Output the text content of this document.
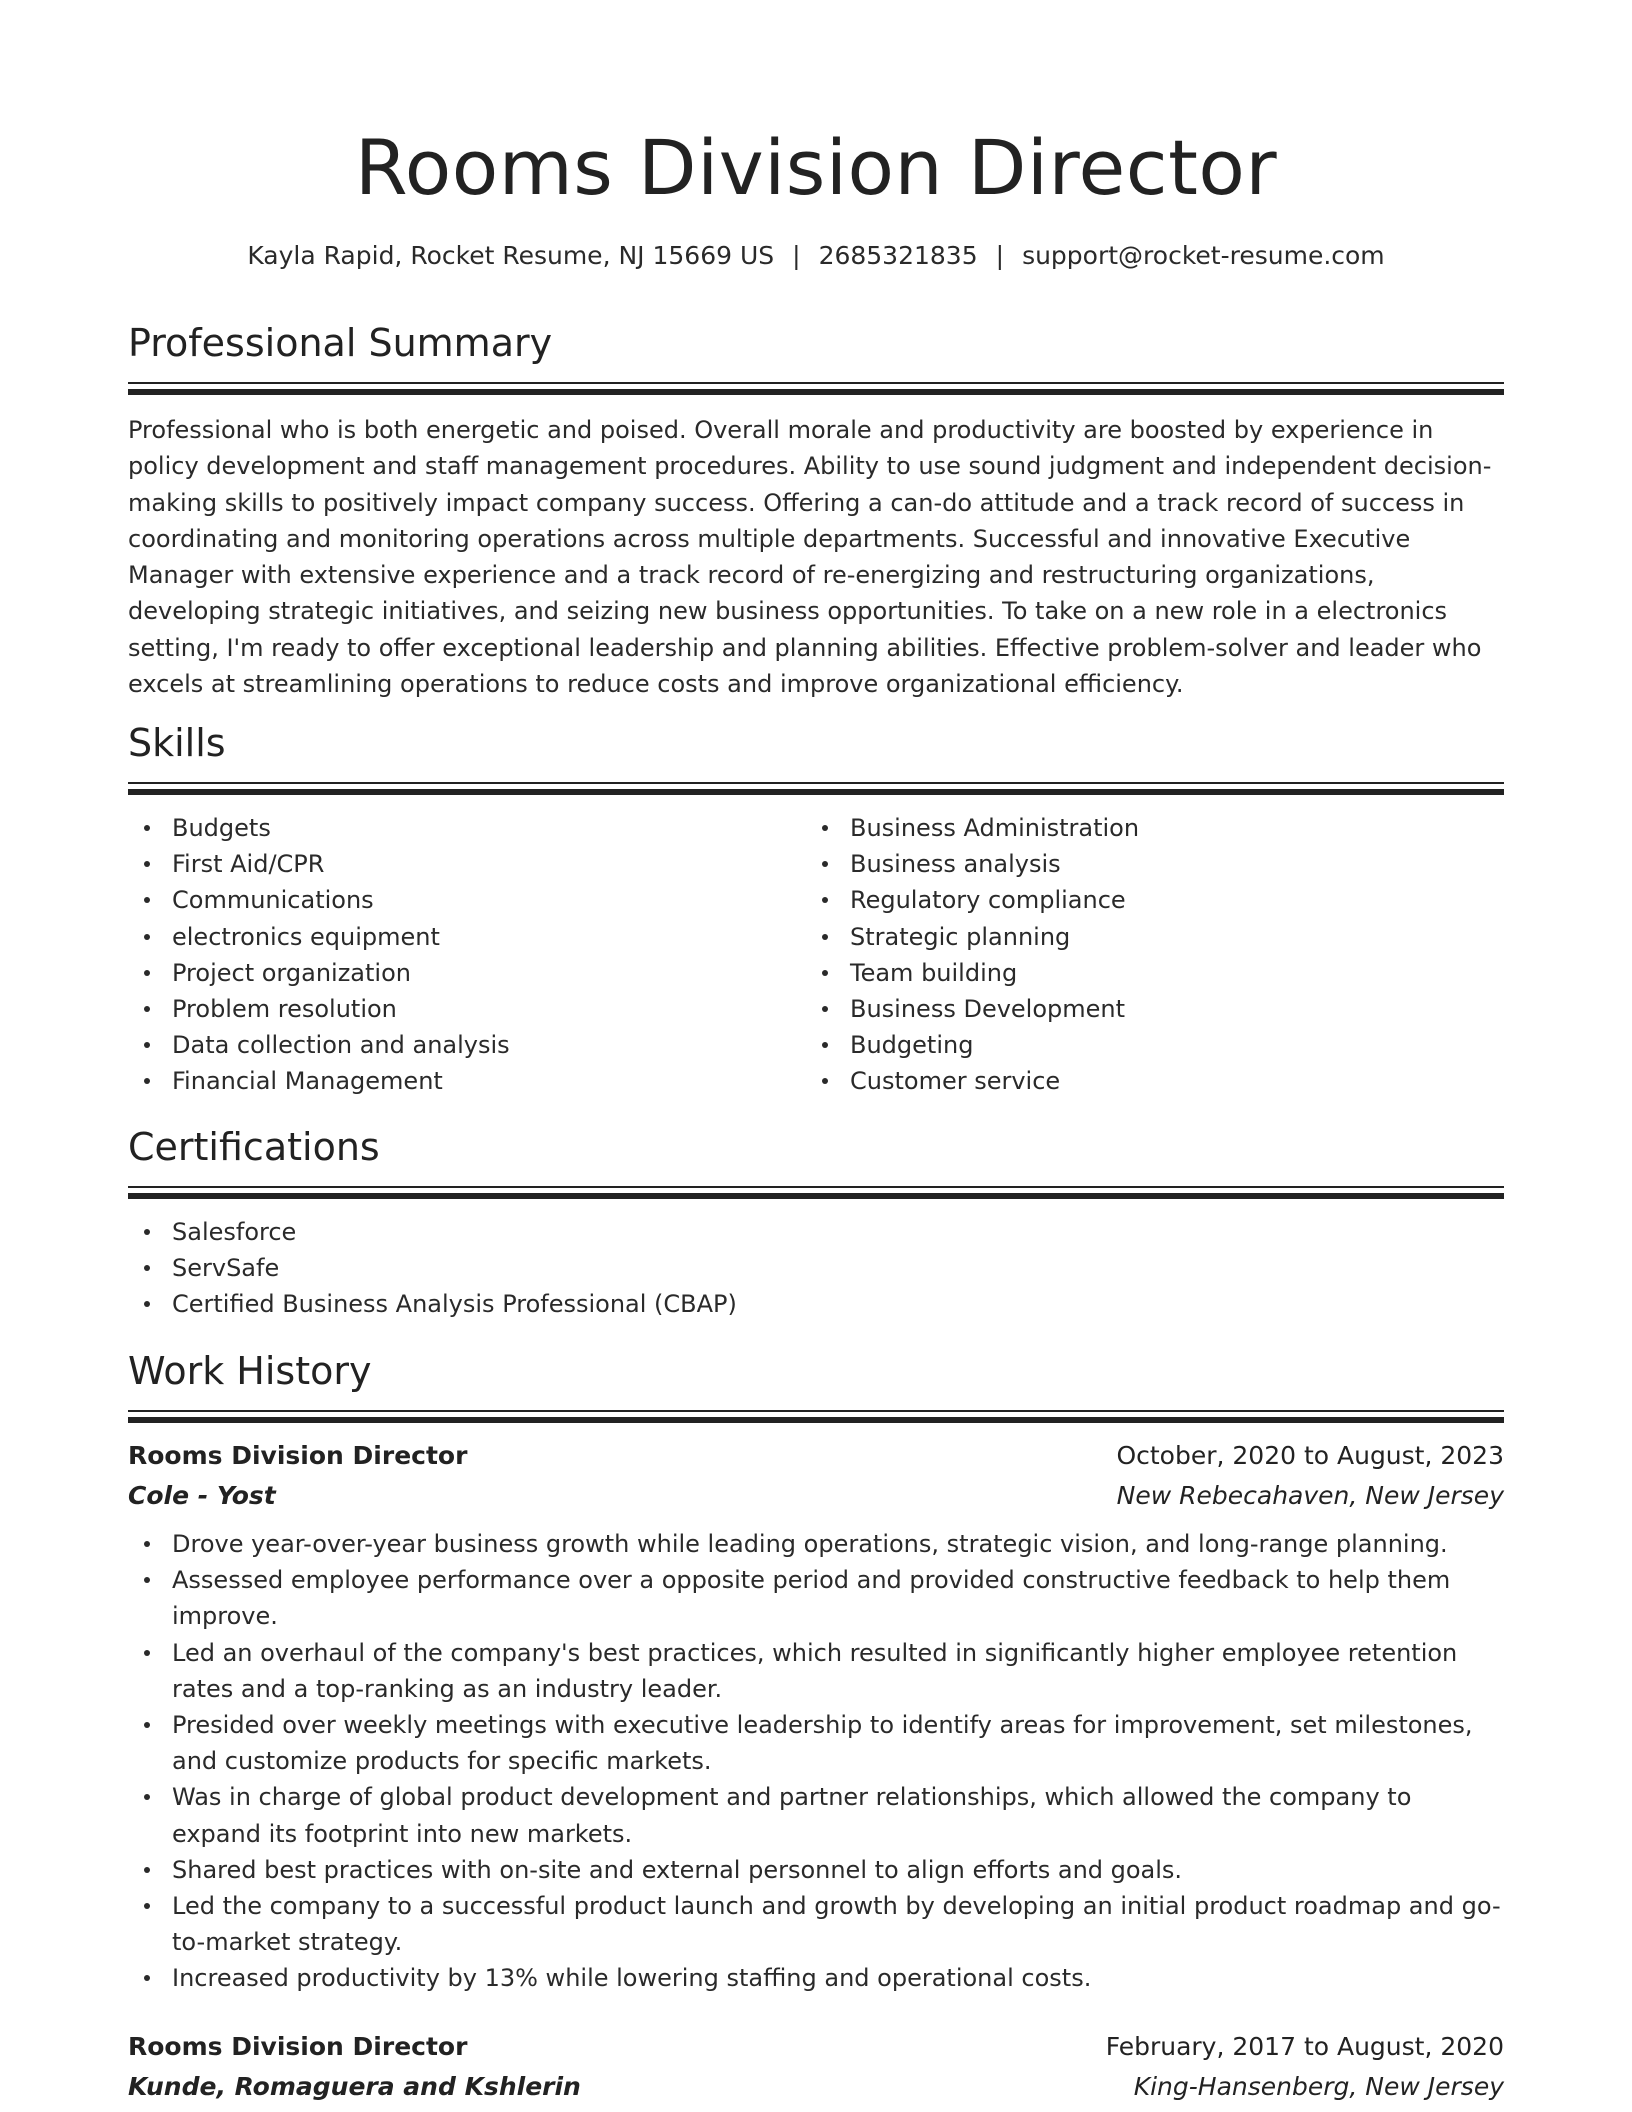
Rooms Division Director
Kayla Rapid, Rocket Resume, NJ 15669 US | 2685321835 | support@rocket-resume.com
Professional Summary

Professional who is both energetic and poised. Overall morale and productivity are boosted by experience in policy development and staff management procedures. Ability to use sound judgment and independent decision-making skills to positively impact company success. Offering a can-do attitude and a track record of success in coordinating and monitoring operations across multiple departments. Successful and innovative Executive Manager with extensive experience and a track record of re-energizing and restructuring organizations, developing strategic initiatives, and seizing new business opportunities. To take on a new role in a electronics setting, I'm ready to offer exceptional leadership and planning abilities. Effective problem-solver and leader who excels at streamlining operations to reduce costs and improve organizational efficiency.

Skills
Budgets
First Aid/CPR
Communications
electronics equipment
Project organization
Problem resolution
Data collection and analysis
Financial Management
Business Administration
Business analysis
Regulatory compliance
Strategic planning
Team building
Business Development
Budgeting
Customer service
Certifications
Salesforce
ServSafe
Certified Business Analysis Professional (CBAP)
Work History
Rooms Division Director	October, 2020 to August, 2023
Cole - Yost	New Rebecahaven, New Jersey
Drove year-over-year business growth while leading operations, strategic vision, and long-range planning.
Assessed employee performance over a opposite period and provided constructive feedback to help them improve.
Led an overhaul of the company's best practices, which resulted in significantly higher employee retention rates and a top-ranking as an industry leader.
Presided over weekly meetings with executive leadership to identify areas for improvement, set milestones, and customize products for specific markets.
Was in charge of global product development and partner relationships, which allowed the company to expand its footprint into new markets.
Shared best practices with on-site and external personnel to align efforts and goals.
Led the company to a successful product launch and growth by developing an initial product roadmap and go-to-market strategy.
Increased productivity by 13% while lowering staffing and operational costs.
Rooms Division Director	February, 2017 to August, 2020
Kunde, Romaguera and Kshlerin	King-Hansenberg, New Jersey
